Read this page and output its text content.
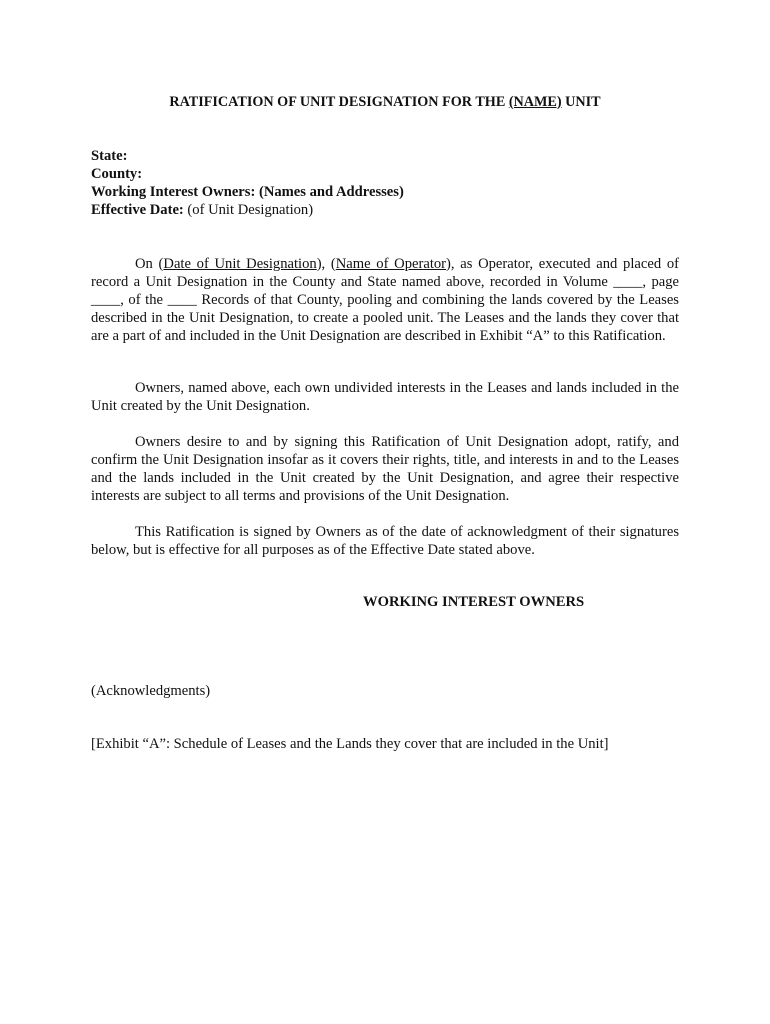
RATIFICATION OF UNIT DESIGNATION FOR THE (NAME) UNIT
State:
County:
Working Interest Owners: (Names and Addresses)
Effective Date: (of Unit Designation)

On (Date of Unit Designation), (Name of Operator), as Operator, executed and placed of record a Unit Designation in the County and State named above, recorded in Volume ____, page ____, of the ____ Records of that County, pooling and combining the lands covered by the Leases described in the Unit Designation, to create a pooled unit. The Leases and the lands they cover that are a part of and included in the Unit Designation are described in Exhibit “A” to this Ratification.

Owners, named above, each own undivided interests in the Leases and lands included in the Unit created by the Unit Designation.

Owners desire to and by signing this Ratification of Unit Designation adopt, ratify, and confirm the Unit Designation insofar as it covers their rights, title, and interests in and to the Leases and the lands included in the Unit created by the Unit Designation, and agree their respective interests are subject to all terms and provisions of the Unit Designation.

This Ratification is signed by Owners as of the date of acknowledgment of their signatures below, but is effective for all purposes as of the Effective Date stated above.

WORKING INTEREST OWNERS
(Acknowledgments)
[Exhibit “A”: Schedule of Leases and the Lands they cover that are included in the Unit]
